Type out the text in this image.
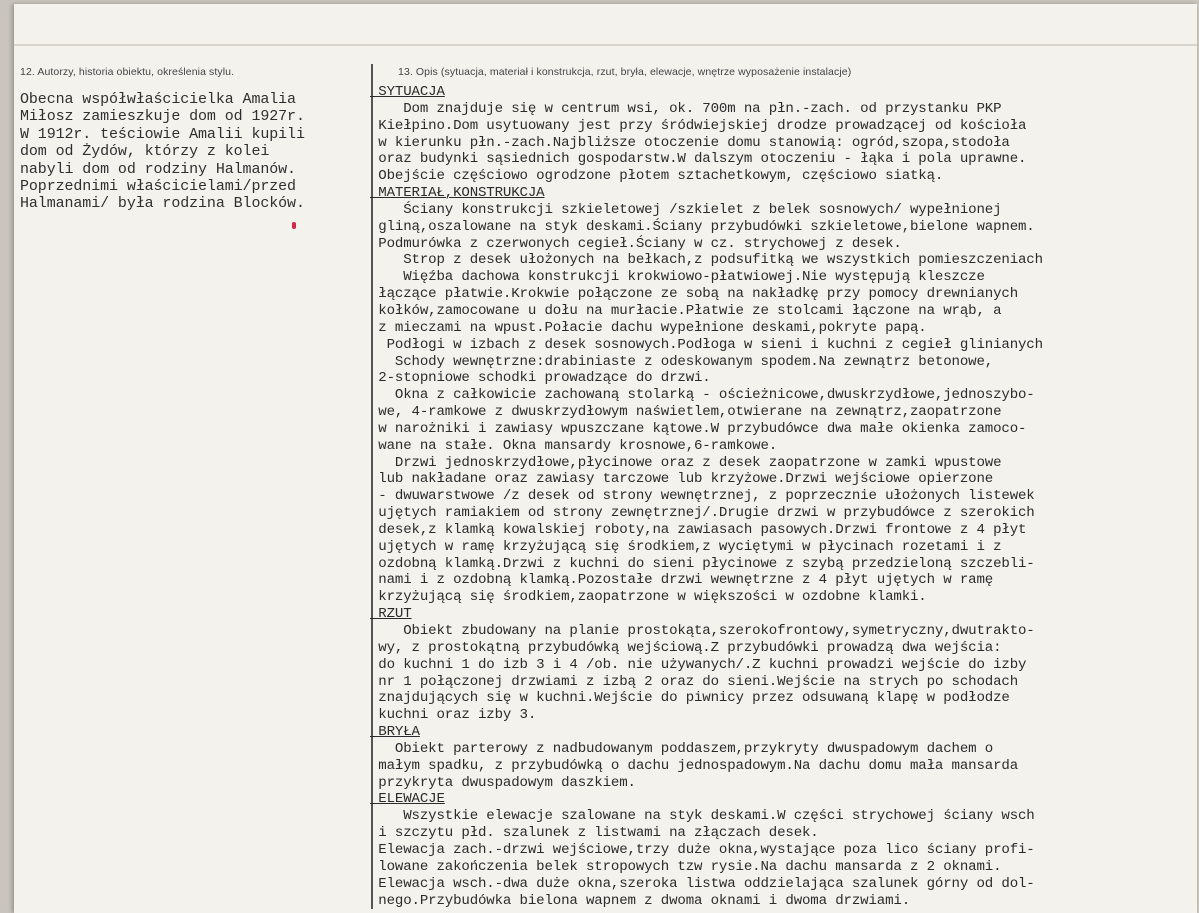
12. Autorzy, historia obiektu, określenia stylu.	13. Opis (sytuacja, materiał i konstrukcja, rzut, bryła, elewacje, wnętrze wyposażenie instalacje)
Obecna współwłaścicielka Amalia
Miłosz zamieszkuje dom od 1927r.
W 1912r. teściowie Amalii kupili
dom od Żydów, którzy z kolei
nabyli dom od rodziny Halmanów.
Poprzednimi właścicielami/przed
Halmanami/ była rodzina Blocków.
SYTUACJA
Dom znajduje się w centrum wsi, ok. 700m na płn.-zach. od przystanku PKP
Kiełpino.Dom usytuowany jest przy śródwiejskiej drodze prowadzącej od kościoła
w kierunku płn.-zach.Najbliższe otoczenie domu stanowią: ogród,szopa,stodoła
oraz budynki sąsiednich gospodarstw.W dalszym otoczeniu - łąka i pola uprawne.
Obejście częściowo ogrodzone płotem sztachetkowym, częściowo siatką.
MATERIAŁ,KONSTRUKCJA
Ściany konstrukcji szkieletowej /szkielet z belek sosnowych/ wypełnionej
gliną,oszalowane na styk deskami.Ściany przybudówki szkieletowe,bielone wapnem.
Podmurówka z czerwonych cegieł.Ściany w cz. strychowej z desek.
Strop z desek ułożonych na bełkach,z podsufitką we wszystkich pomieszczeniach
Więźba dachowa konstrukcji krokwiowo-płatwiowej.Nie występują kleszcze
łączące płatwie.Krokwie połączone ze sobą na nakładkę przy pomocy drewnianych
kołków,zamocowane u dołu na murłacie.Płatwie ze stolcami łączone na wrąb, a
z mieczami na wpust.Połacie dachu wypełnione deskami,pokryte papą.
Podłogi w izbach z desek sosnowych.Podłoga w sieni i kuchni z cegieł glinianych
Schody wewnętrzne:drabiniaste z odeskowanym spodem.Na zewnątrz betonowe,
2-stopniowe schodki prowadzące do drzwi.
Okna z całkowicie zachowaną stolarką - ościeżnicowe,dwuskrzydłowe,jednoszybo-
we, 4-ramkowe z dwuskrzydłowym naświetlem,otwierane na zewnątrz,zaopatrzone
w narożniki i zawiasy wpuszczane kątowe.W przybudówce dwa małe okienka zamoco-
wane na stałe. Okna mansardy krosnowe,6-ramkowe.
Drzwi jednoskrzydłowe,płycinowe oraz z desek zaopatrzone w zamki wpustowe
lub nakładane oraz zawiasy tarczowe lub krzyżowe.Drzwi wejściowe opierzone
- dwuwarstwowe /z desek od strony wewnętrznej, z poprzecznie ułożonych listewek
ujętych ramiakiem od strony zewnętrznej/.Drugie drzwi w przybudówce z szerokich
desek,z klamką kowalskiej roboty,na zawiasach pasowych.Drzwi frontowe z 4 płyt
ujętych w ramę krzyżującą się środkiem,z wyciętymi w płycinach rozetami i z
ozdobną klamką.Drzwi z kuchni do sieni płycinowe z szybą przedzieloną szczebli-
nami i z ozdobną klamką.Pozostałe drzwi wewnętrzne z 4 płyt ujętych w ramę
krzyżującą się środkiem,zaopatrzone w większości w ozdobne klamki.
RZUT
Obiekt zbudowany na planie prostokąta,szerokofrontowy,symetryczny,dwutrakto-
wy, z prostokątną przybudówką wejściową.Z przybudówki prowadzą dwa wejścia:
do kuchni 1 do izb 3 i 4 /ob. nie używanych/.Z kuchni prowadzi wejście do izby
nr 1 połączonej drzwiami z izbą 2 oraz do sieni.Wejście na strych po schodach
znajdujących się w kuchni.Wejście do piwnicy przez odsuwaną klapę w podłodze
kuchni oraz izby 3.
BRYŁA
Obiekt parterowy z nadbudowanym poddaszem,przykryty dwuspadowym dachem o
małym spadku, z przybudówką o dachu jednospadowym.Na dachu domu mała mansarda
przykryta dwuspadowym daszkiem.
ELEWACJE
Wszystkie elewacje szalowane na styk deskami.W części strychowej ściany wsch
i szczytu płd. szalunek z listwami na złączach desek.
Elewacja zach.-drzwi wejściowe,trzy duże okna,wystające poza lico ściany profi-
lowane zakończenia belek stropowych tzw rysie.Na dachu mansarda z 2 oknami.
Elewacja wsch.-dwa duże okna,szeroka listwa oddzielająca szalunek górny od dol-
nego.Przybudówka bielona wapnem z dwoma oknami i dwoma drzwiami.
